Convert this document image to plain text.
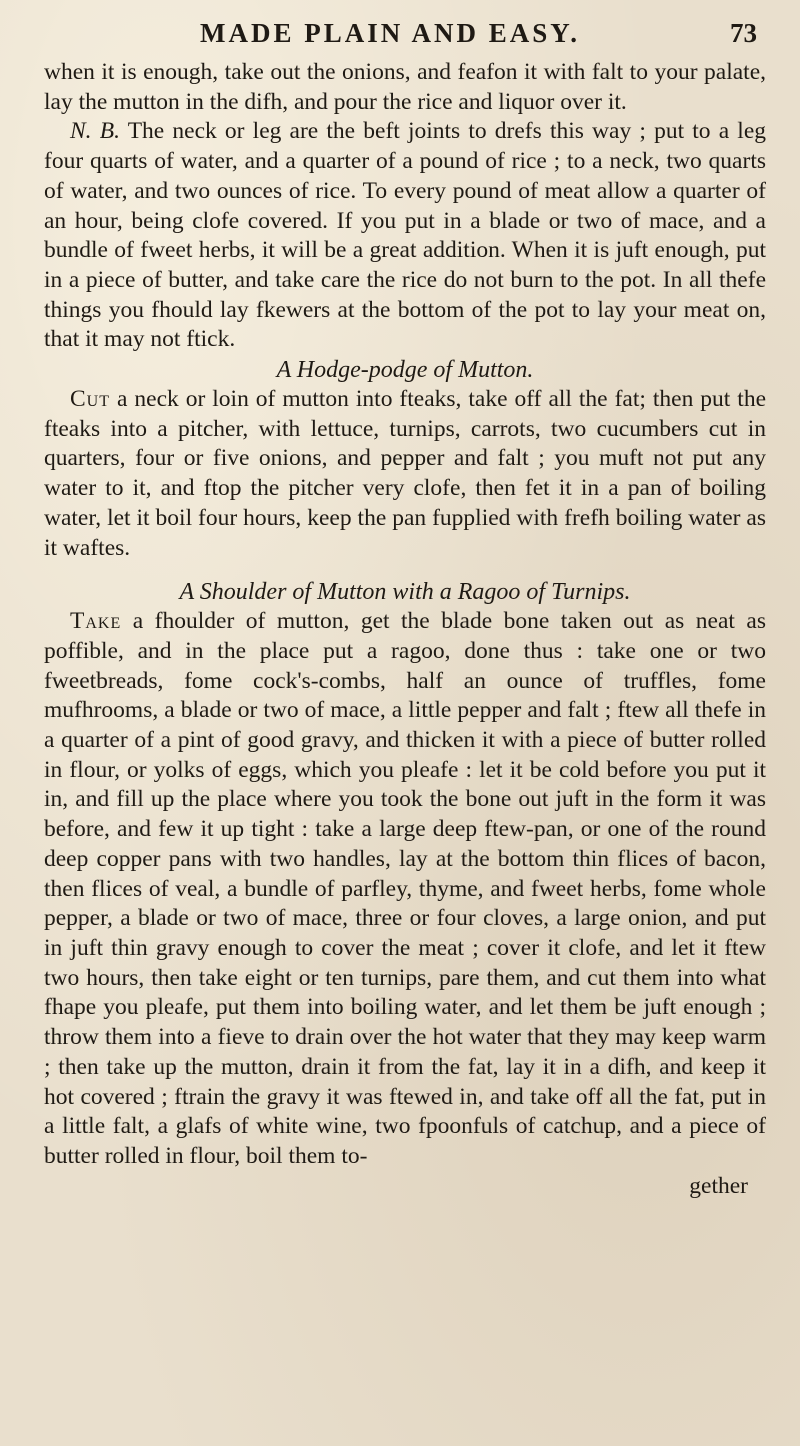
MADE PLAIN AND EASY.	73

when it is enough, take out the onions, and feafon it with falt to your palate, lay the mutton in the difh, and pour the rice and liquor over it.

N. B. The neck or leg are the beft joints to drefs this way ; put to a leg four quarts of water, and a quarter of a pound of rice ; to a neck, two quarts of water, and two ounces of rice. To every pound of meat allow a quarter of an hour, being clofe covered. If you put in a blade or two of mace, and a bundle of fweet herbs, it will be a great addition. When it is juft enough, put in a piece of butter, and take care the rice do not burn to the pot. In all thefe things you fhould lay fkewers at the bottom of the pot to lay your meat on, that it may not ftick.

A Hodge-podge of Mutton.

Cut a neck or loin of mutton into fteaks, take off all the fat; then put the fteaks into a pitcher, with lettuce, turnips, carrots, two cucumbers cut in quarters, four or five onions, and pepper and falt ; you muft not put any water to it, and ftop the pitcher very clofe, then fet it in a pan of boiling water, let it boil four hours, keep the pan fupplied with frefh boiling water as it waftes.

A Shoulder of Mutton with a Ragoo of Turnips.

Take a fhoulder of mutton, get the blade bone taken out as neat as poffible, and in the place put a ragoo, done thus : take one or two fweetbreads, fome cock's-combs, half an ounce of truffles, fome mufhrooms, a blade or two of mace, a little pepper and falt ; ftew all thefe in a quarter of a pint of good gravy, and thicken it with a piece of butter rolled in flour, or yolks of eggs, which you pleafe : let it be cold before you put it in, and fill up the place where you took the bone out juft in the form it was before, and few it up tight : take a large deep ftew-pan, or one of the round deep copper pans with two handles, lay at the bottom thin flices of bacon, then flices of veal, a bundle of parfley, thyme, and fweet herbs, fome whole pepper, a blade or two of mace, three or four cloves, a large onion, and put in juft thin gravy enough to cover the meat ; cover it clofe, and let it ftew two hours, then take eight or ten turnips, pare them, and cut them into what fhape you pleafe, put them into boiling water, and let them be juft enough ; throw them into a fieve to drain over the hot water that they may keep warm ; then take up the mutton, drain it from the fat, lay it in a difh, and keep it hot covered ; ftrain the gravy it was ftewed in, and take off all the fat, put in a little falt, a glafs of white wine, two fpoonfuls of catchup, and a piece of butter rolled in flour, boil them to-
gether
